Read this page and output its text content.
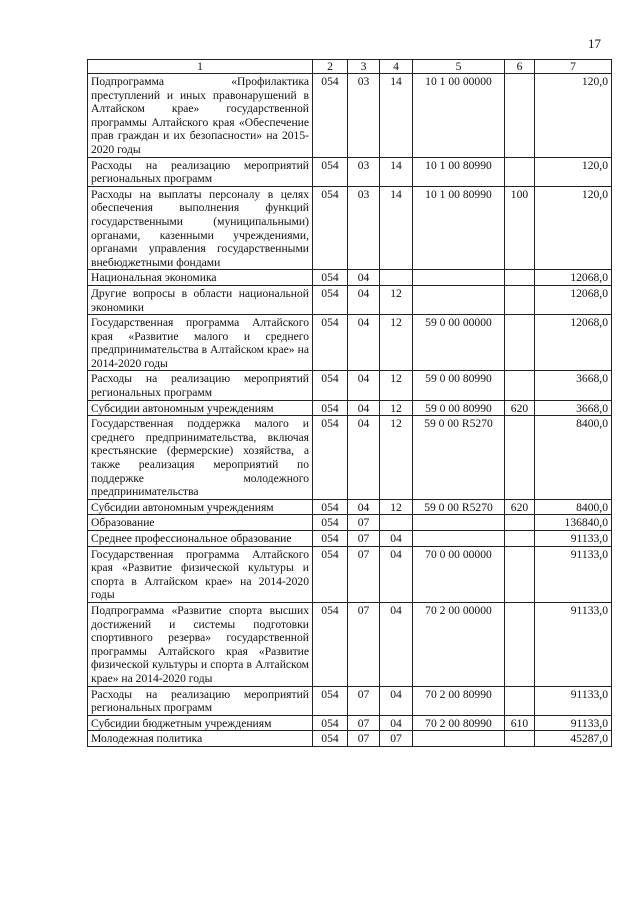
17
1	2	3	4	5	6	7
Подпрограмма «Профилактика преступлений и иных правонарушений в Алтайском крае» государственной программы Алтайского края «Обеспечение прав граждан и их безопасности» на 2015-2020 годы	054	03	14	10 1 00 00000		120,0
Расходы на реализацию мероприятий региональных программ	054	03	14	10 1 00 80990		120,0
Расходы на выплаты персоналу в целях обеспечения выполнения функций государственными (муниципальными) органами, казенными учреждениями, органами управления государственными внебюджетными фондами	054	03	14	10 1 00 80990	100	120,0
Национальная экономика	054	04				12068,0
Другие вопросы в области национальной экономики	054	04	12			12068,0
Государственная программа Алтайского края «Развитие малого и среднего предпринимательства в Алтайском крае» на 2014-2020 годы	054	04	12	59 0 00 00000		12068,0
Расходы на реализацию мероприятий региональных программ	054	04	12	59 0 00 80990		3668,0
Субсидии автономным учреждениям	054	04	12	59 0 00 80990	620	3668,0
Государственная поддержка малого и среднего предпринимательства, включая крестьянские (фермерские) хозяйства, а также реализация мероприятий по поддержке молодежного предпринимательства	054	04	12	59 0 00 R5270		8400,0
Субсидии автономным учреждениям	054	04	12	59 0 00 R5270	620	8400,0
Образование	054	07				136840,0
Среднее профессиональное образование	054	07	04			91133,0
Государственная программа Алтайского края «Развитие физической культуры и спорта в Алтайском крае» на 2014-2020 годы	054	07	04	70 0 00 00000		91133,0
Подпрограмма «Развитие спорта высших достижений и системы подготовки спортивного резерва» государственной программы Алтайского края «Развитие физической культуры и спорта в Алтайском крае» на 2014-2020 годы	054	07	04	70 2 00 00000		91133,0
Расходы на реализацию мероприятий региональных программ	054	07	04	70 2 00 80990		91133,0
Субсидии бюджетным учреждениям	054	07	04	70 2 00 80990	610	91133,0
Молодежная политика	054	07	07			45287,0
